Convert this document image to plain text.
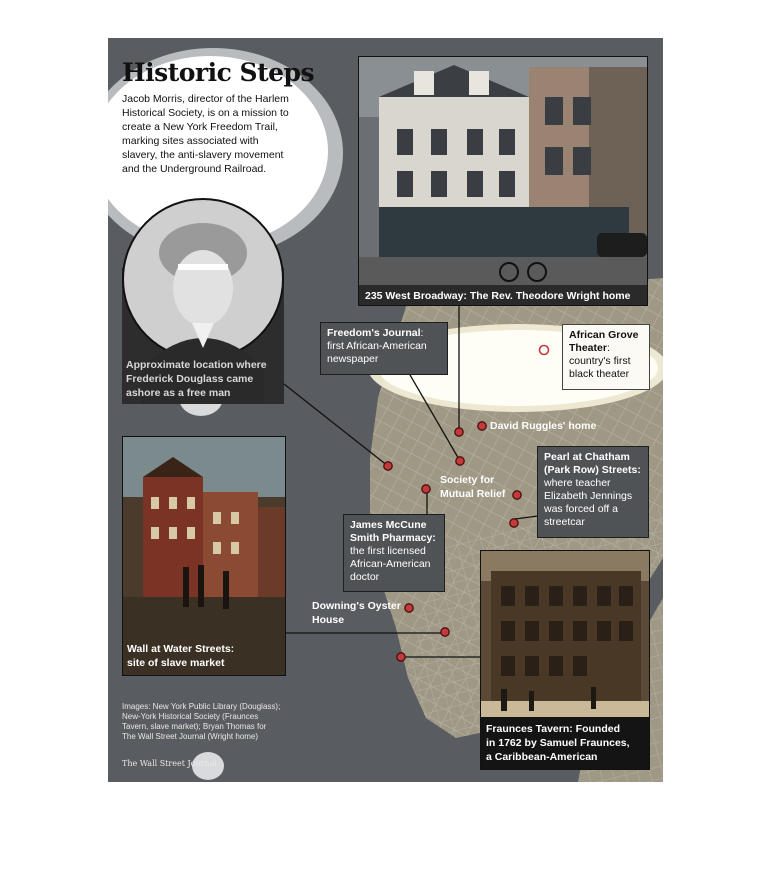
Historic Steps
Jacob Morris, director of the Harlem Historical Society, is on a mission to create a New York Freedom Trail, marking sites associated with slavery, the anti-slavery movement and the Underground Railroad.
235 West Broadway: The Rev. Theodore Wright home
Approximate location where
Frederick Douglass came
ashore as a free man
Wall at Water Streets:
site of slave market
Fraunces Tavern: Founded
in 1762 by Samuel Fraunces,
a Caribbean-American
Freedom's Journal: first African-American newspaper
African Grove Theater: country's first black theater
David Ruggles' home
Society for
Mutual Relief
Pearl at Chatham (Park Row) Streets: where teacher Elizabeth Jennings was forced off a streetcar
James McCune Smith Pharmacy: the first licensed African-American doctor
Downing's Oyster
House
Images: New York Public Library (Douglass); New-York Historical Society (Fraunces Tavern, slave market); Bryan Thomas for The Wall Street Journal (Wright home)
The Wall Street Journal
